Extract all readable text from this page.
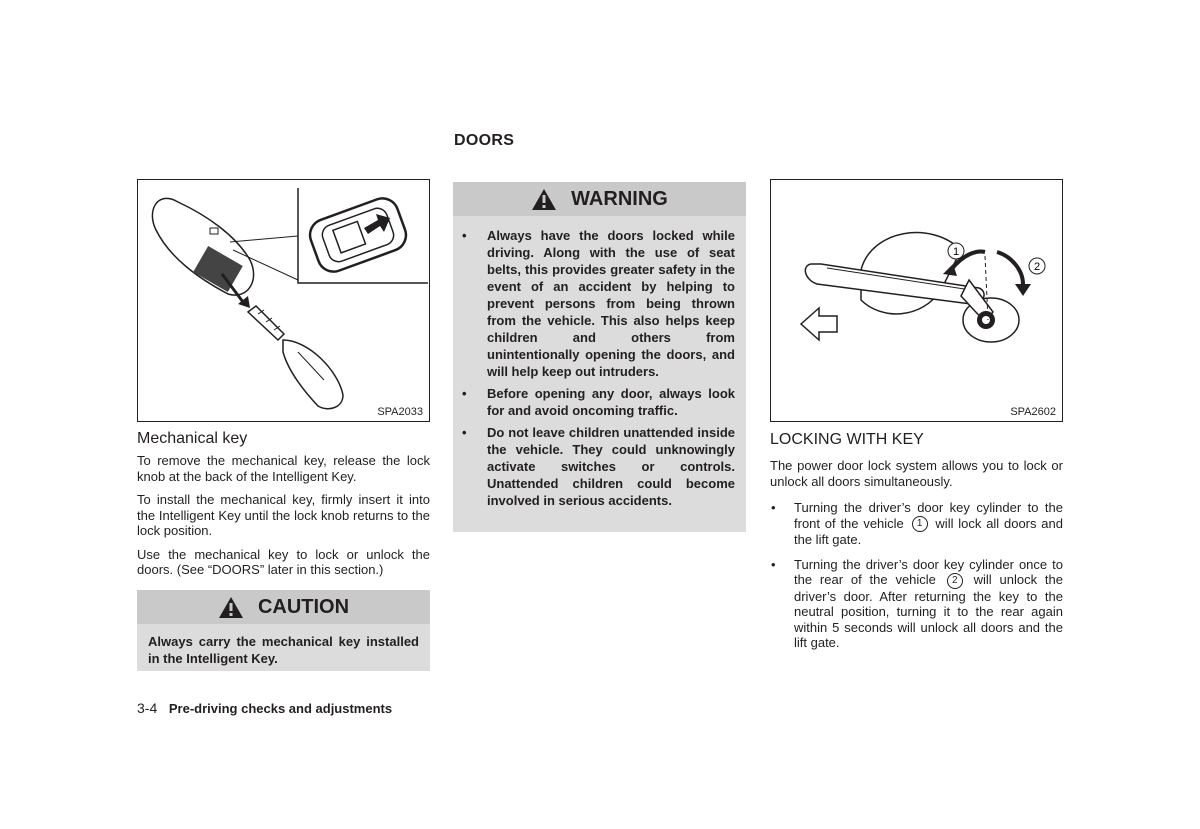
DOORS
SPA2033
Mechanical key

To remove the mechanical key, release the lock knob at the back of the Intelligent Key.

To install the mechanical key, firmly insert it into the Intelligent Key until the lock knob returns to the lock position.

Use the mechanical key to lock or unlock the doors. (See “DOORS” later in this section.)

CAUTION
Always carry the mechanical key installed in the Intelligent Key.
WARNING
• Always have the doors locked while driving. Along with the use of seat belts, this provides greater safety in the event of an accident by helping to prevent persons from being thrown from the vehicle. This also helps keep children and others from unintentionally opening the doors, and will help keep out intruders.
• Before opening any door, always look for and avoid oncoming traffic.
• Do not leave children unattended inside the vehicle. They could unknowingly activate switches or controls. Unattended children could become involved in serious accidents.
1
2
SPA2602
LOCKING WITH KEY

The power door lock system allows you to lock or unlock all doors simultaneously.

• Turning the driver’s door key cylinder to the front of the vehicle 1 will lock all doors and the lift gate.
• Turning the driver’s door key cylinder once to the rear of the vehicle 2 will unlock the driver’s door. After returning the key to the neutral position, turning it to the rear again within 5 seconds will unlock all doors and the lift gate.
3-4 Pre-driving checks and adjustments
